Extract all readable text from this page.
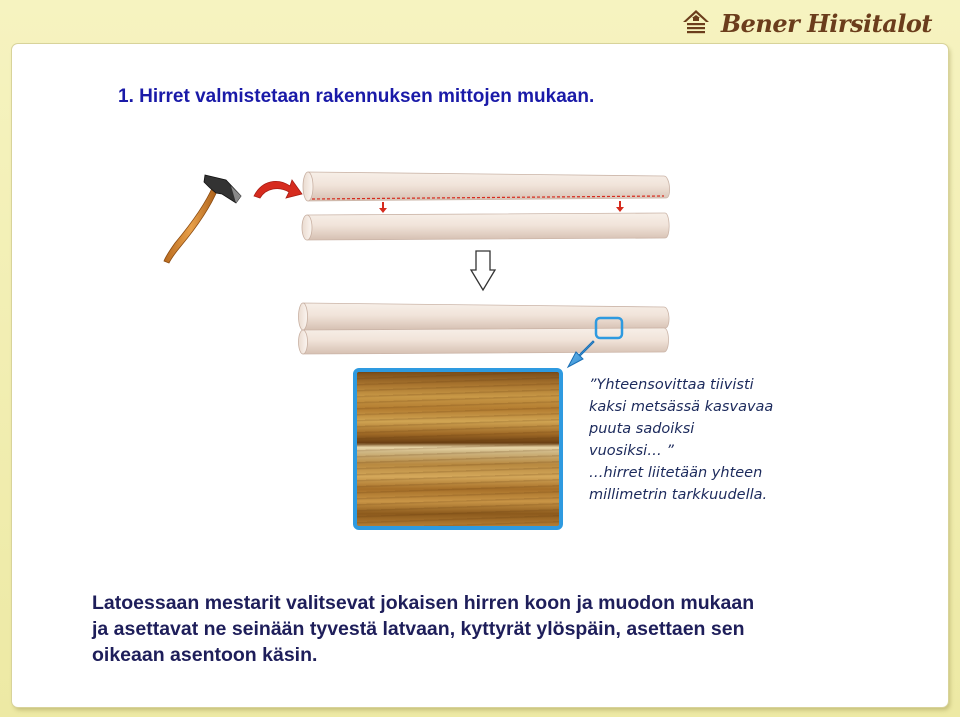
Bener Hirsitalot
1. Hirret valmistetaan rakennuksen mittojen mukaan.
”Yhteensovittaa tiivisti
kaksi metsässä kasvavaa
puuta sadoiksi
vuosiksi… ”
…hirret liitetään yhteen
millimetrin tarkkuudella.
Latoessaan mestarit valitsevat jokaisen hirren koon ja muodon mukaan
ja asettavat ne seinään tyvestä latvaan, kyttyrät ylöspäin, asettaen sen
oikeaan asentoon käsin.
